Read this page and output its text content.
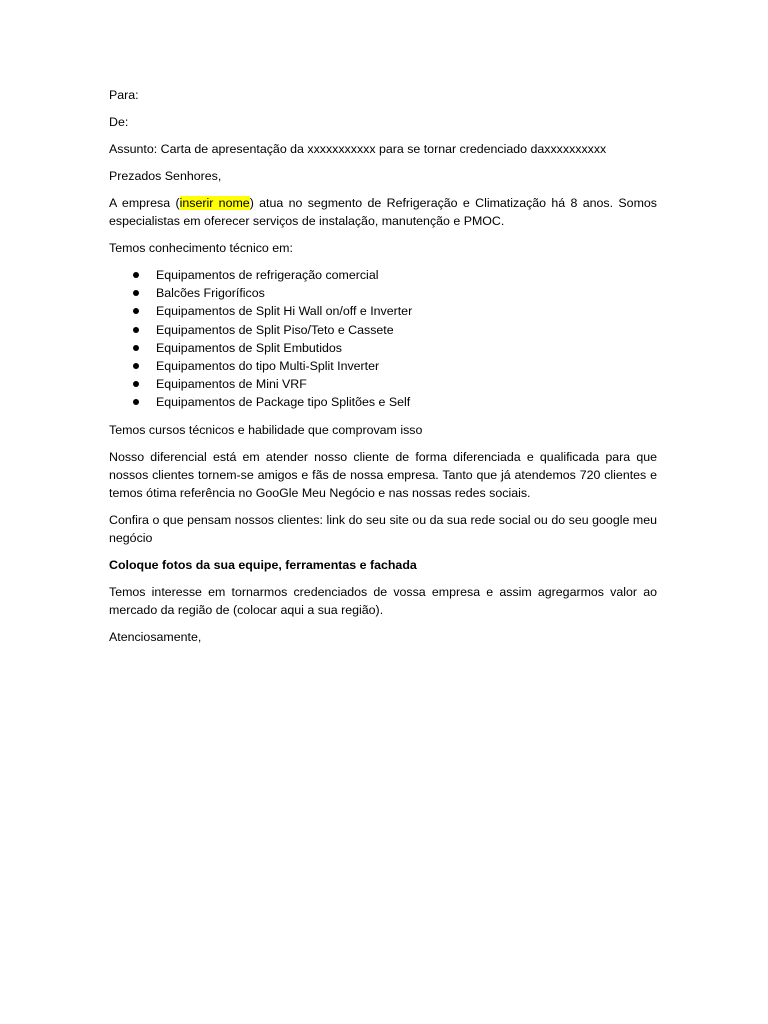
Para:

De:

Assunto: Carta de apresentação da xxxxxxxxxxx para se tornar credenciado daxxxxxxxxxx

Prezados Senhores,

A empresa (inserir nome) atua no segmento de Refrigeração e Climatização há 8 anos. Somos especialistas em oferecer serviços de instalação, manutenção e PMOC.

Temos conhecimento técnico em:

Equipamentos de refrigeração comercial
Balcões Frigoríficos
Equipamentos de Split Hi Wall on/off e Inverter
Equipamentos de Split Piso/Teto e Cassete
Equipamentos de Split Embutidos
Equipamentos do tipo Multi-Split Inverter
Equipamentos de Mini VRF
Equipamentos de Package tipo Splitões e Self

Temos cursos técnicos e habilidade que comprovam isso

Nosso diferencial está em atender nosso cliente de forma diferenciada e qualificada para que nossos clientes tornem-se amigos e fãs de nossa empresa. Tanto que já atendemos 720 clientes e temos ótima referência no GooGle Meu Negócio e nas nossas redes sociais.

Confira o que pensam nossos clientes: link do seu site ou da sua rede social ou do seu google meu negócio

Coloque fotos da sua equipe, ferramentas e fachada

Temos interesse em tornarmos credenciados de vossa empresa e assim agregarmos valor ao mercado da região de (colocar aqui a sua região).

Atenciosamente,
